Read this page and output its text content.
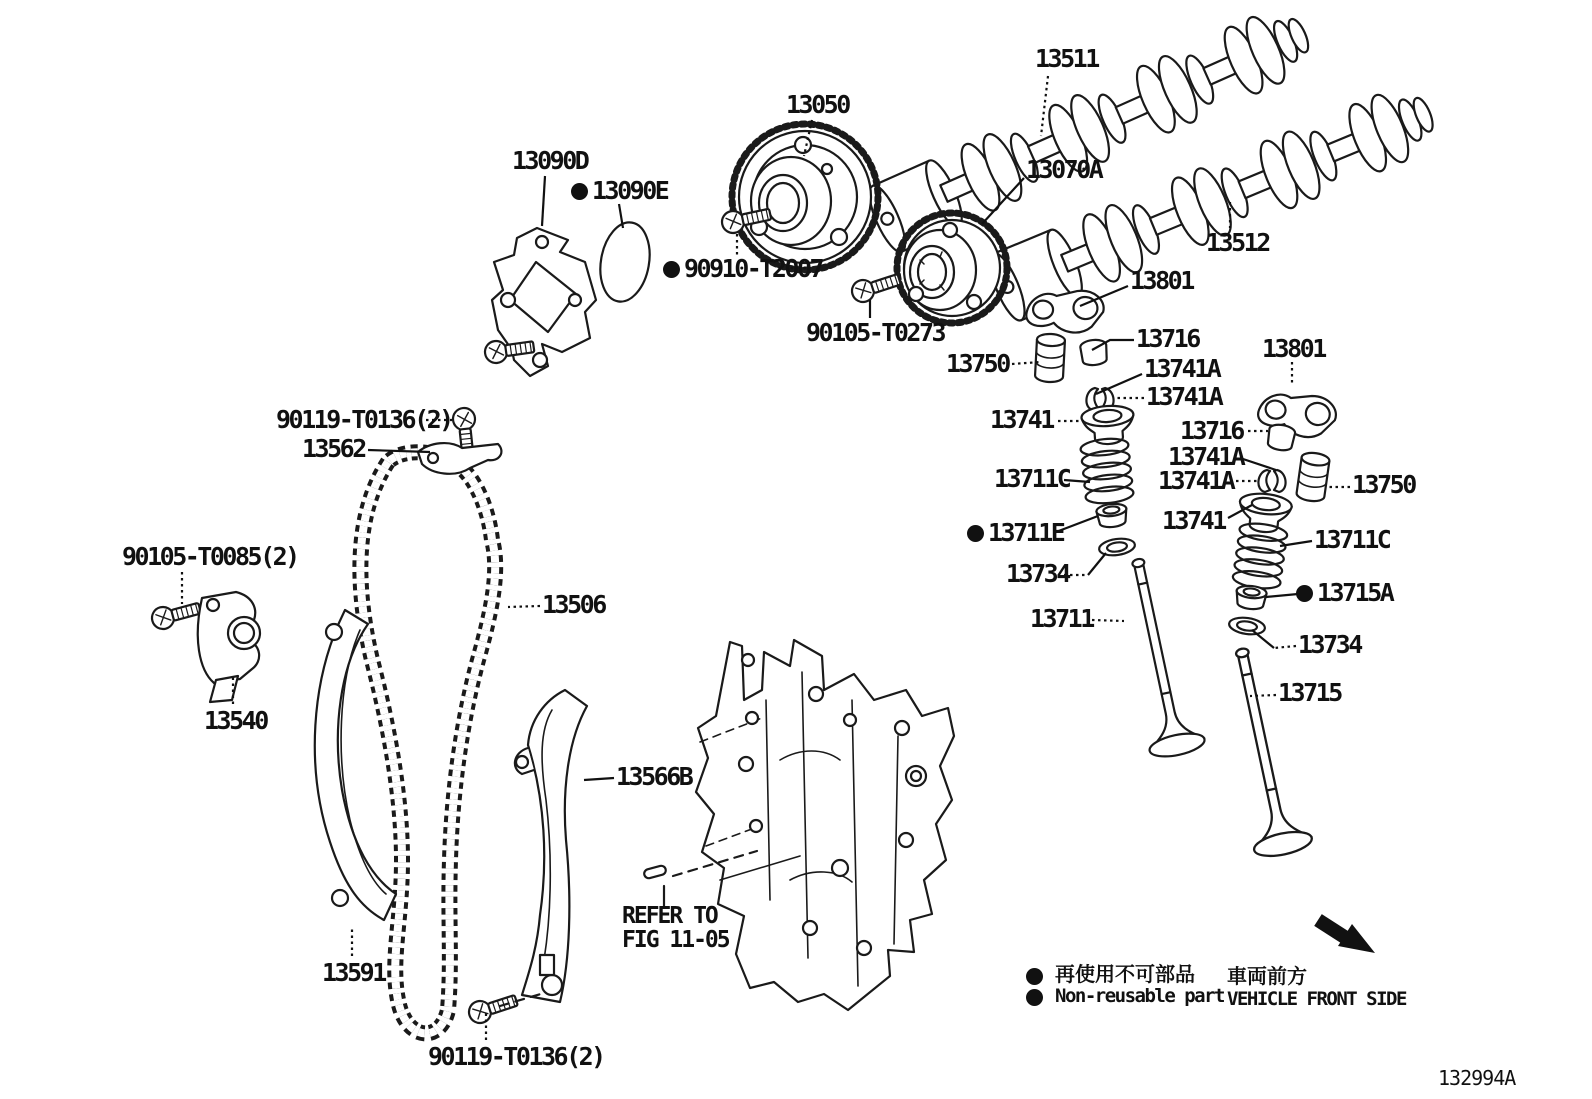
13511
13050
13090D
13090E
90910-T2007
13070A
13512
13801
90105-T0273
13750
13716
13741A
13741A
13801
90119-T0136(2)
13562
13741	13716
13741A
13741A	13750
13711C
13741
90105-T0085(2)
13711E	13711C
13734
13715A
13506	13711
13734
13540
13715
13566B
13591
90119-T0136(2)
REFER TO
FIG 11-05
再使用不可部品
Non-reusable part
車両前方
VEHICLE FRONT SIDE
132994A
